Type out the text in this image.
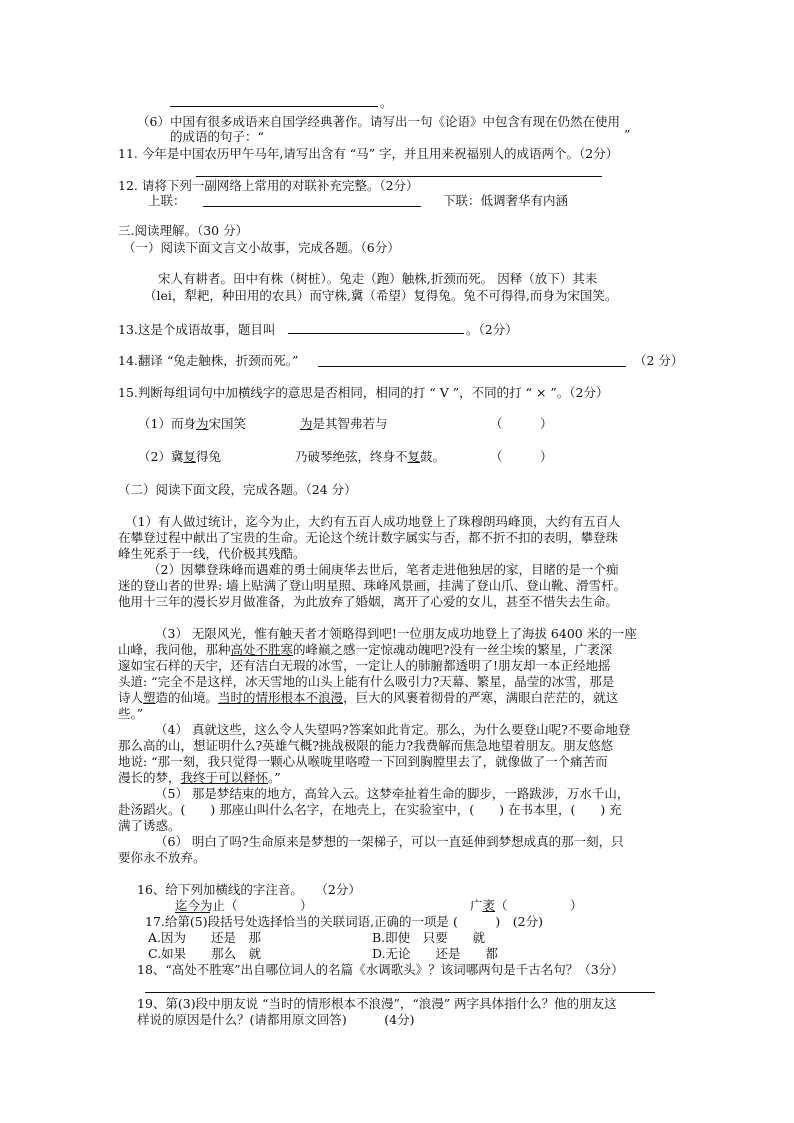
。
（6）中国有很多成语来自国学经典著作。请写出一句《论语》中包含有现在仍然在使用
的成语的句子：“	”
11. 今年是中国农历甲午马年,请写出含有 “马” 字，并且用来祝福别人的成语两个。（2分）
12. 请将下列一副网络上常用的对联补充完整。（2分）
上联：	下联：低调奢华有内涵
三.阅读理解。（30 分）
（一）阅读下面文言文小故事，完成各题。（6分）
宋人有耕者。田中有株（树桩）。兔走（跑）触株,折颈而死。 因释（放下）其耒
（lei，犁耙，种田用的农具）而守株,冀（希望）复得兔。兔不可得得,而身为宋国笑。
13.这是个成语故事，题目叫	。（2分）
14.翻译 “兔走触株，折颈而死。”	（2 分）
15.判断每组词句中加横线字的意思是否相同，相同的打 “ V ”，不同的打 “ × ”。（2分）
（1）而身为宋国笑	为是其智弗若与	（　　　）
（2）冀复得兔	乃破琴绝弦，终身不复鼓。	（　　　）
（二）阅读下面文段，完成各题。（24 分）
（1）有人做过统计，迄今为止，大约有五百人成功地登上了珠穆朗玛峰顶，大约有五百人
在攀登过程中献出了宝贵的生命。无论这个统计数字属实与否，都不折不扣的表明，攀登珠
峰生死系于一线，代价极其残酷。
（2）因攀登珠峰而遇难的勇士闹庚华去世后，笔者走进他独居的家，目睹的是一个痴
迷的登山者的世界: 墙上贴满了登山明星照、珠峰风景画，挂满了登山爪、登山靴、滑雪杆。
他用十三年的漫长岁月做准备，为此放弃了婚姻，离开了心爱的女儿，甚至不惜失去生命。
（3） 无限风光，惟有触天者才领略得到吧!一位朋友成功地登上了海拔 6400 米的一座
山峰，我问他，那种高处不胜寒的峰巅之感一定惊魂动魄吧?没有一丝尘埃的繁星，广袤深
邃如宝石样的天宇，还有洁白无瑕的冰雪，一定让人的肺腑都透明了!朋友却一本正经地摇
头道: “完全不是这样，冰天雪地的山头上能有什么吸引力?天幕、繁星，晶莹的冰雪，那是
诗人塑造的仙境。当时的情形根本不浪漫，巨大的风裹着彻骨的严寒，满眼白茫茫的，就这
些。”
（4） 真就这些，这么令人失望吗?答案如此肯定。那么，为什么要登山呢?不要命地登
那么高的山，想证明什么?英雄气概?挑战极限的能力?我费解而焦急地望着朋友。朋友悠悠
地说: “那一刻，我只觉得一颗心从喉咙里咯噔一下回到胸膛里去了，就像做了一个痛苦而
漫长的梦，我终于可以释怀。”
（5） 那是梦结束的地方，高耸入云。这梦牵扯着生命的脚步，一路跋涉，万水千山，
赴汤蹈火。(　　) 那座山叫什么名字，在地壳上，在实验室中，(　　) 在书本里，(　　) 充
满了诱惑。
（6） 明白了吗?生命原来是梦想的一架梯子，可以一直延伸到梦想成真的那一刻，只
要你永不放弃。
16、给下列加横线的字注音。　　（2分）
迄今为止（　　　　　）	广袤（　　　　　）
17.给第(5)段括号处选择恰当的关联词语,正确的一项是 (　　　)　(2分)
A.因为　　还是　那	B.即使　只要　　就
C.如果　　那么　就	D.无论　　还是　　都
18、“高处不胜寒”出自哪位词人的名篇《水调歌头》？该词哪两句是千古名句？（3分）
19、第(3)段中朋友说 “当时的情形根本不浪漫”，“浪漫” 两字具体指什么？他的朋友这
样说的原因是什么？(请都用原文回答)　　　(4分)
